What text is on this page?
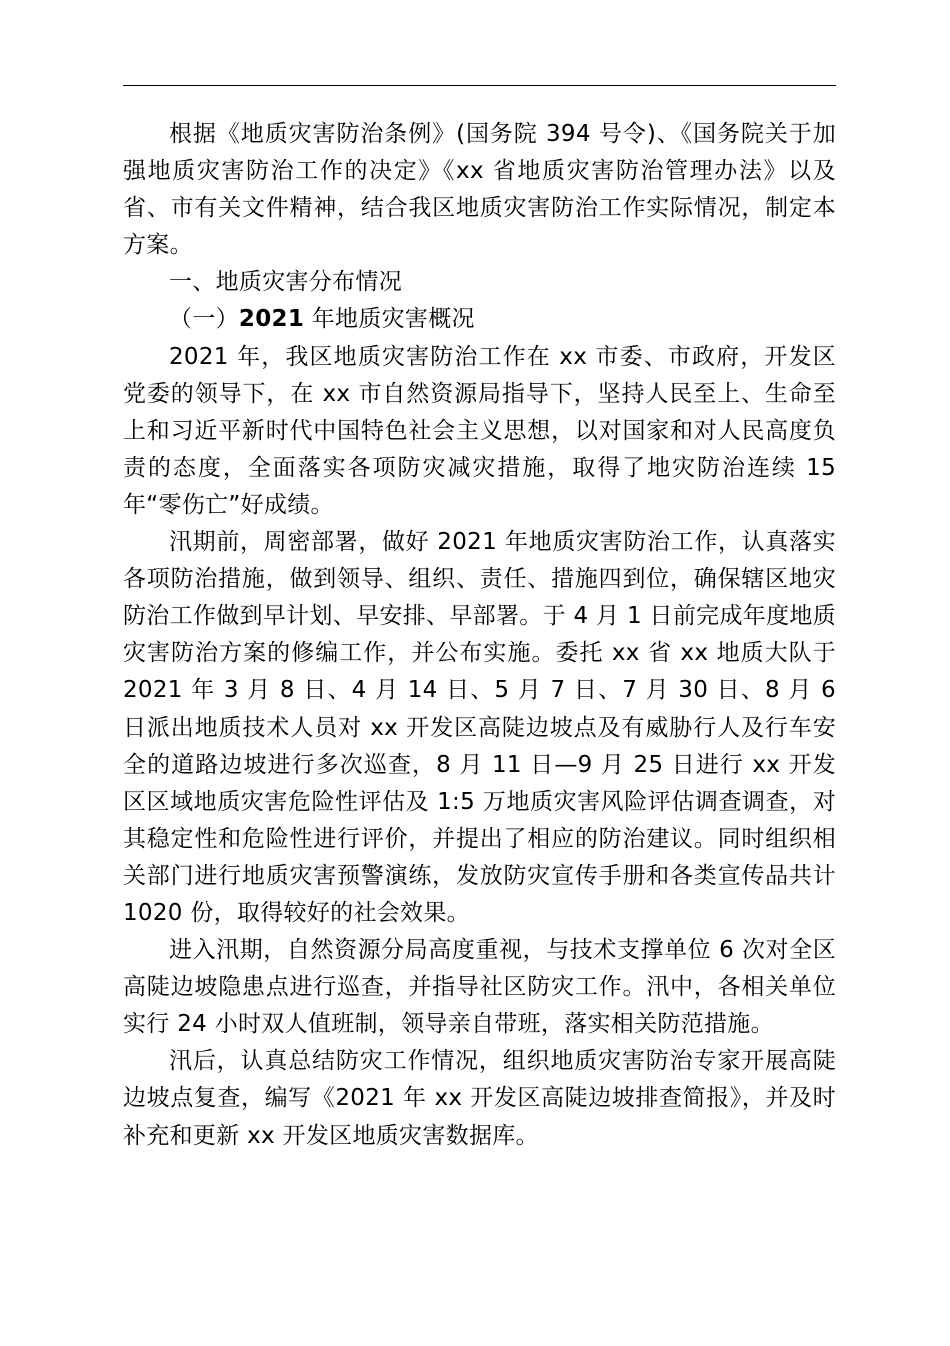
根据《地质灾害防治条例》(国务院 394 号令)、《国务院关于加强地质灾害防治工作的决定》《xx 省地质灾害防治管理办法》以及省、市有关文件精神，结合我区地质灾害防治工作实际情况，制定本方案。

一、地质灾害分布情况

（一）2021 年地质灾害概况

2021 年，我区地质灾害防治工作在 xx 市委、市政府，开发区党委的领导下，在 xx 市自然资源局指导下，坚持人民至上、生命至上和习近平新时代中国特色社会主义思想，以对国家和对人民高度负责的态度，全面落实各项防灾减灾措施，取得了地灾防治连续 15 年“零伤亡”好成绩。

汛期前，周密部署，做好 2021 年地质灾害防治工作，认真落实各项防治措施，做到领导、组织、责任、措施四到位，确保辖区地灾防治工作做到早计划、早安排、早部署。于 4 月 1 日前完成年度地质灾害防治方案的修编工作，并公布实施。委托 xx 省 xx 地质大队于 2021 年 3 月 8 日、4 月 14 日、5 月 7 日、7 月 30 日、8 月 6 日派出地质技术人员对 xx 开发区高陡边坡点及有威胁行人及行车安全的道路边坡进行多次巡查，8 月 11 日—9 月 25 日进行 xx 开发区区域地质灾害危险性评估及 1:5 万地质灾害风险评估调查调查，对其稳定性和危险性进行评价，并提出了相应的防治建议。同时组织相关部门进行地质灾害预警演练，发放防灾宣传手册和各类宣传品共计 1020 份，取得较好的社会效果。

进入汛期，自然资源分局高度重视，与技术支撑单位 6 次对全区高陡边坡隐患点进行巡查，并指导社区防灾工作。汛中，各相关单位实行 24 小时双人值班制，领导亲自带班，落实相关防范措施。

汛后，认真总结防灾工作情况，组织地质灾害防治专家开展高陡边坡点复查，编写《2021 年 xx 开发区高陡边坡排查简报》，并及时补充和更新 xx 开发区地质灾害数据库。
